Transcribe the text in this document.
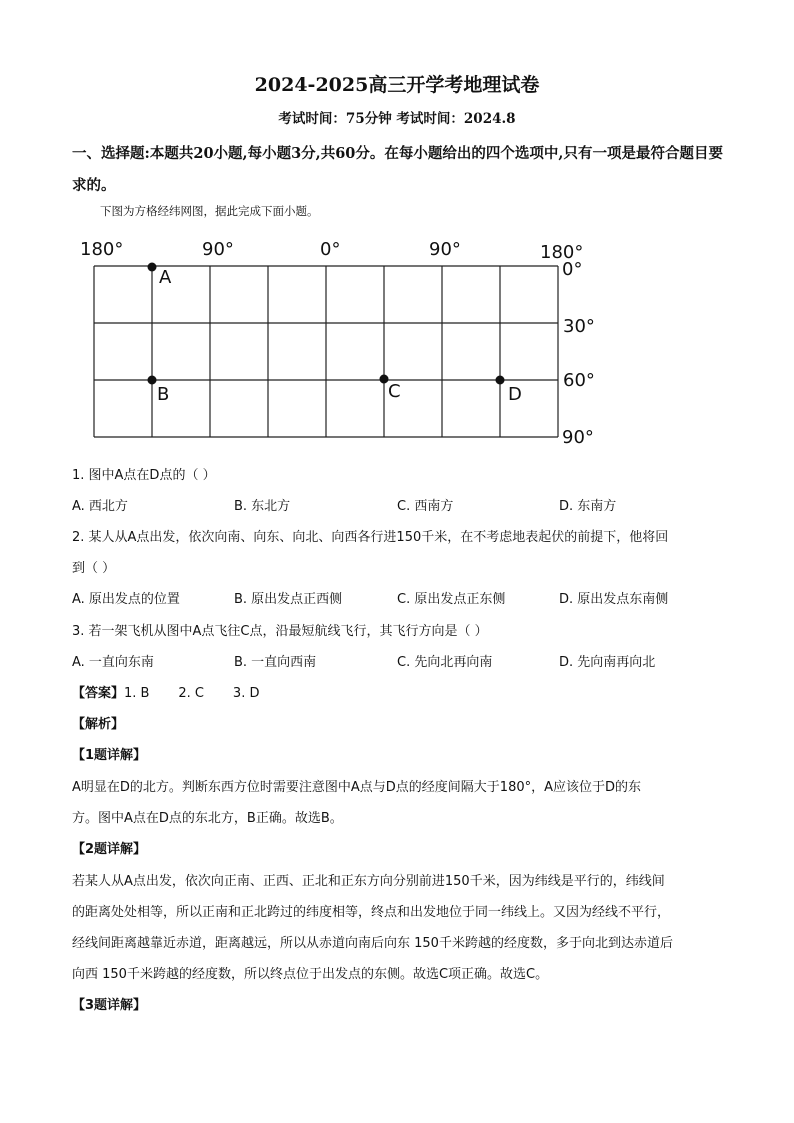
2024-2025高三开学考地理试卷
考试时间：75分钟 考试时间：2024.8
一、选择题:本题共20小题,每小题3分,共60分。在每小题给出的四个选项中,只有一项是最符合题目要求的。
下图为方格经纬网图，据此完成下面小题。
180°	90°	0°	90°	180°
0°
30°
60°
90°
A
B	C	D
1. 图中A点在D点的（ ）
A. 西北方	B. 东北方	C. 西南方	D. 东南方
2. 某人从A点出发，依次向南、向东、向北、向西各行进150千米，在不考虑地表起伏的前提下，他将回
到（ ）
A. 原出发点的位置	B. 原出发点正西侧	C. 原出发点正东侧	D. 原出发点东南侧
3. 若一架飞机从图中A点飞往C点，沿最短航线飞行，其飞行方向是（ ）
A. 一直向东南	B. 一直向西南	C. 先向北再向南	D. 先向南再向北
【答案】1. B       2. C       3. D
【解析】
【1题详解】
A明显在D的北方。判断东西方位时需要注意图中A点与D点的经度间隔大于180°，A应该位于D的东
方。图中A点在D点的东北方，B正确。故选B。
【2题详解】
若某人从A点出发，依次向正南、正西、正北和正东方向分别前进150千米，因为纬线是平行的，纬线间
的距离处处相等，所以正南和正北跨过的纬度相等，终点和出发地位于同一纬线上。又因为经线不平行，
经线间距离越靠近赤道，距离越远，所以从赤道向南后向东 150千米跨越的经度数，多于向北到达赤道后
向西 150千米跨越的经度数，所以终点位于出发点的东侧。故选C项正确。故选C。
【3题详解】
